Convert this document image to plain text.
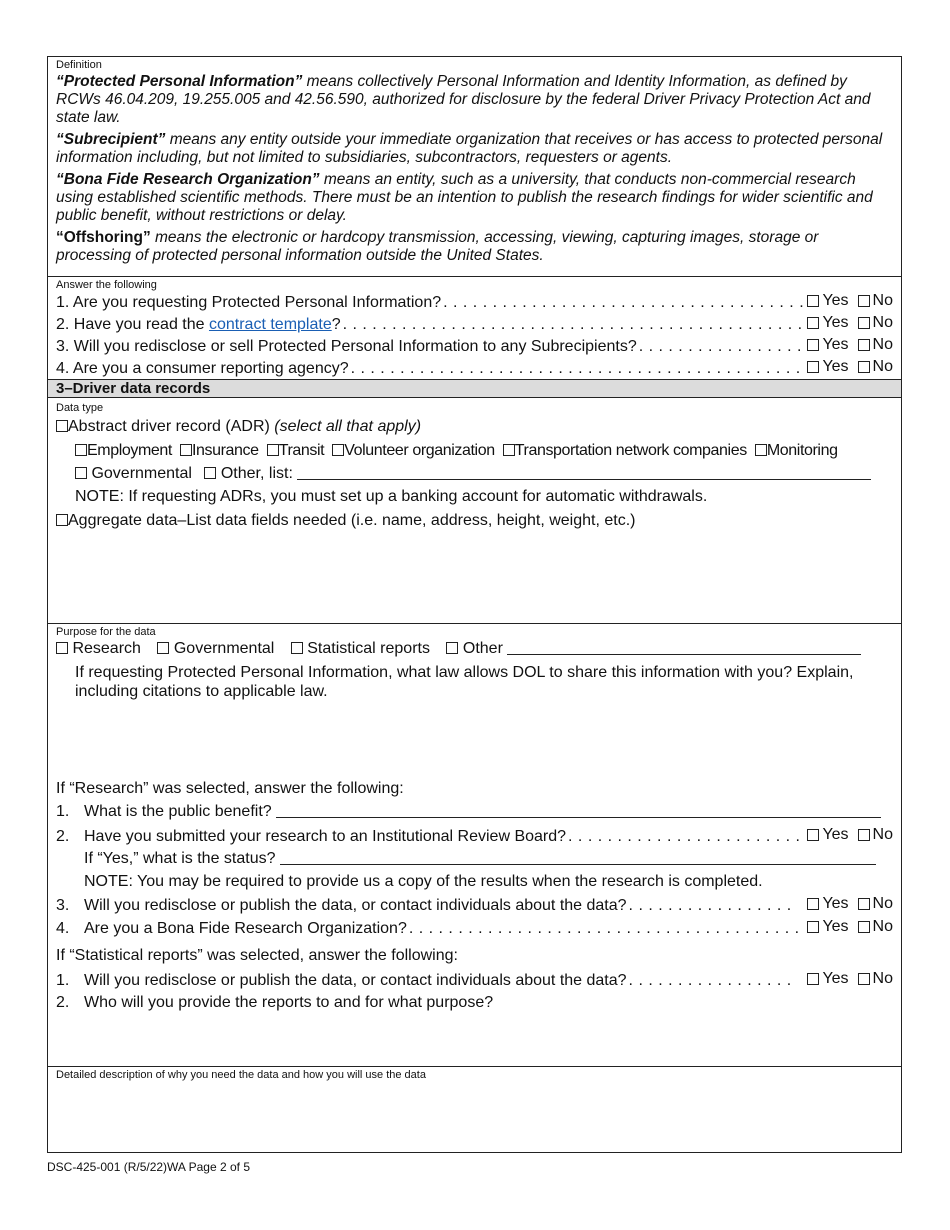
Definition

“Protected Personal Information” means collectively Personal Information and Identity Information, as defined by RCWs 46.04.209, 19.255.005 and 42.56.590, authorized for disclosure by the federal Driver Privacy Protection Act and state law.

“Subrecipient” means any entity outside your immediate organization that receives or has access to protected personal information including, but not limited to subsidiaries, subcontractors, requesters or agents.

“Bona Fide Research Organization” means an entity, such as a university, that conducts non-commercial research using established scientific methods. There must be an intention to publish the research findings for wider scientific and public benefit, without restrictions or delay.

“Offshoring” means the electronic or hardcopy transmission, accessing, viewing, capturing images, storage or processing of protected personal information outside the United States.

Answer the following
1. Are you requesting Protected Personal Information? . . .	Yes No
2. Have you read the contract template? . . .	Yes No
3. Will you redisclose or sell Protected Personal Information to any Subrecipients? . . .	Yes No
4. Are you a consumer reporting agency? . . .	Yes No
3–Driver data records
Data type
Abstract driver record (ADR) (select all that apply)
Employment Insurance Transit Volunteer organization Transportation network companies Monitoring
Governmental Other, list:
NOTE: If requesting ADRs, you must set up a banking account for automatic withdrawals.
Aggregate data–List data fields needed (i.e. name, address, height, weight, etc.)
Purpose for the data
Research Governmental Statistical reports Other
If requesting Protected Personal Information, what law allows DOL to share this information with you? Explain, including citations to applicable law.
If “Research” was selected, answer the following:
1. What is the public benefit?
2. Have you submitted your research to an Institutional Review Board? . . .	Yes No
If “Yes,” what is the status?
NOTE: You may be required to provide us a copy of the results when the research is completed.
3. Will you redisclose or publish the data, or contact individuals about the data? . . .	Yes No
4. Are you a Bona Fide Research Organization? . . .	Yes No
If “Statistical reports” was selected, answer the following:
1. Will you redisclose or publish the data, or contact individuals about the data? . . .	Yes No
2. Who will you provide the reports to and for what purpose?
Detailed description of why you need the data and how you will use the data
DSC-425-001 (R/5/22)WA Page 2 of 5
